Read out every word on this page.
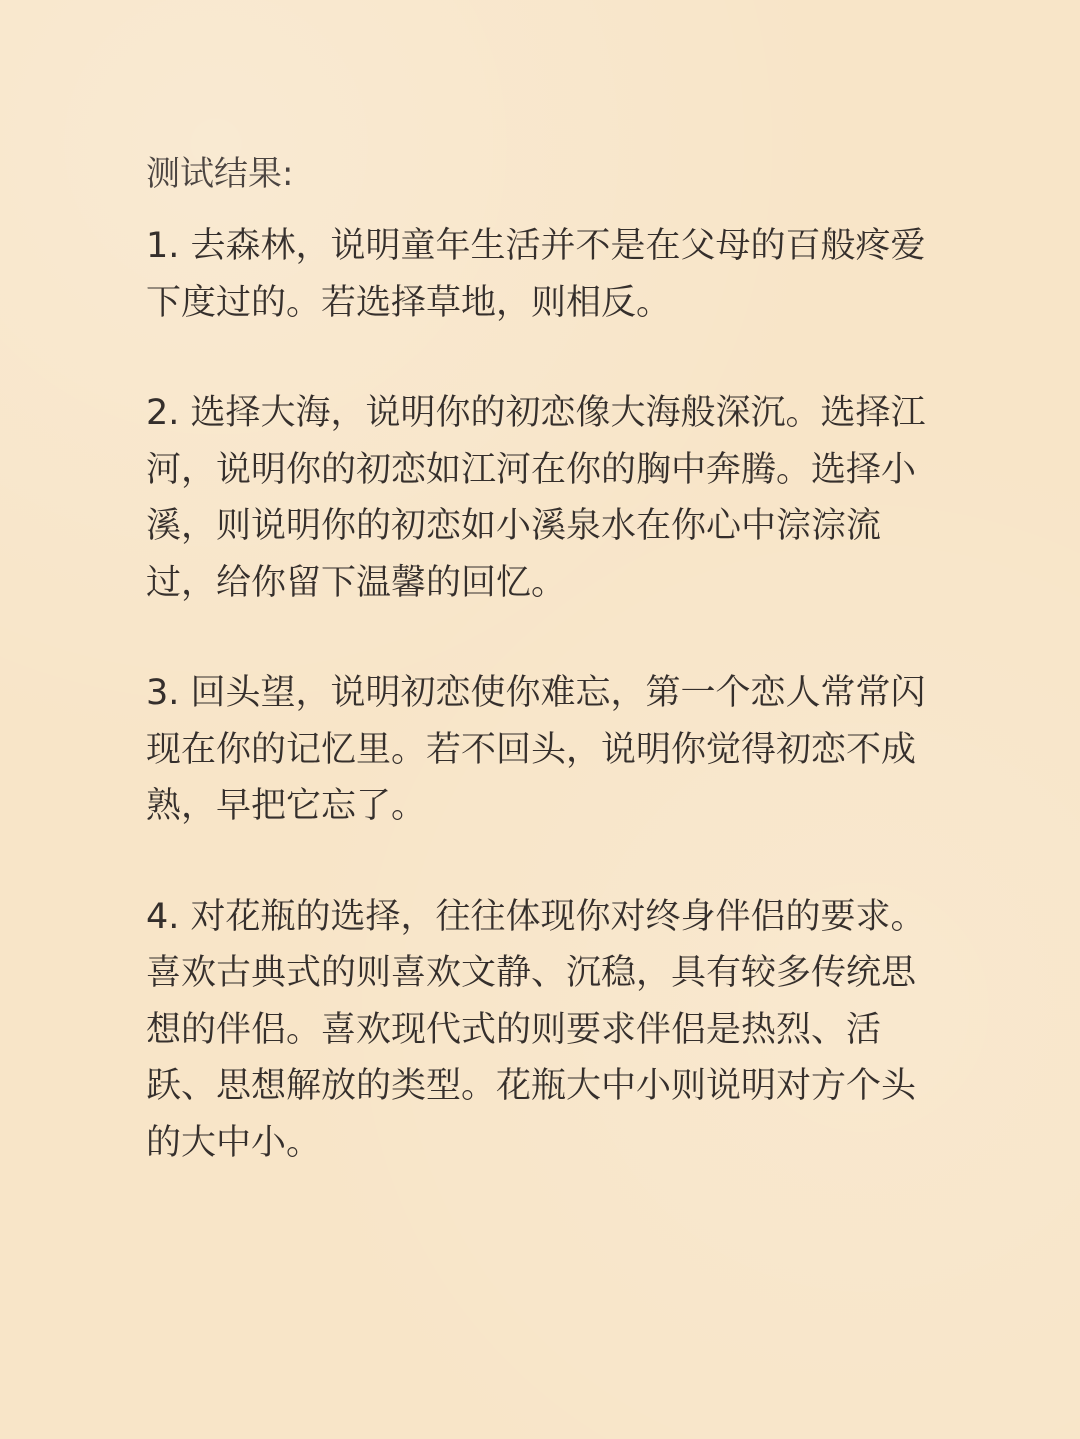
测试结果:
1. 去森林，说明童年生活并不是在父母的百般疼爱下度过的。若选择草地，则相反。
2. 选择大海，说明你的初恋像大海般深沉。选择江河，说明你的初恋如江河在你的胸中奔腾。选择小溪，则说明你的初恋如小溪泉水在你心中淙淙流过，给你留下温馨的回忆。
3. 回头望，说明初恋使你难忘，第一个恋人常常闪现在你的记忆里。若不回头，说明你觉得初恋不成熟，早把它忘了。
4. 对花瓶的选择，往往体现你对终身伴侣的要求。喜欢古典式的则喜欢文静、沉稳，具有较多传统思想的伴侣。喜欢现代式的则要求伴侣是热烈、活跃、思想解放的类型。花瓶大中小则说明对方个头的大中小。
